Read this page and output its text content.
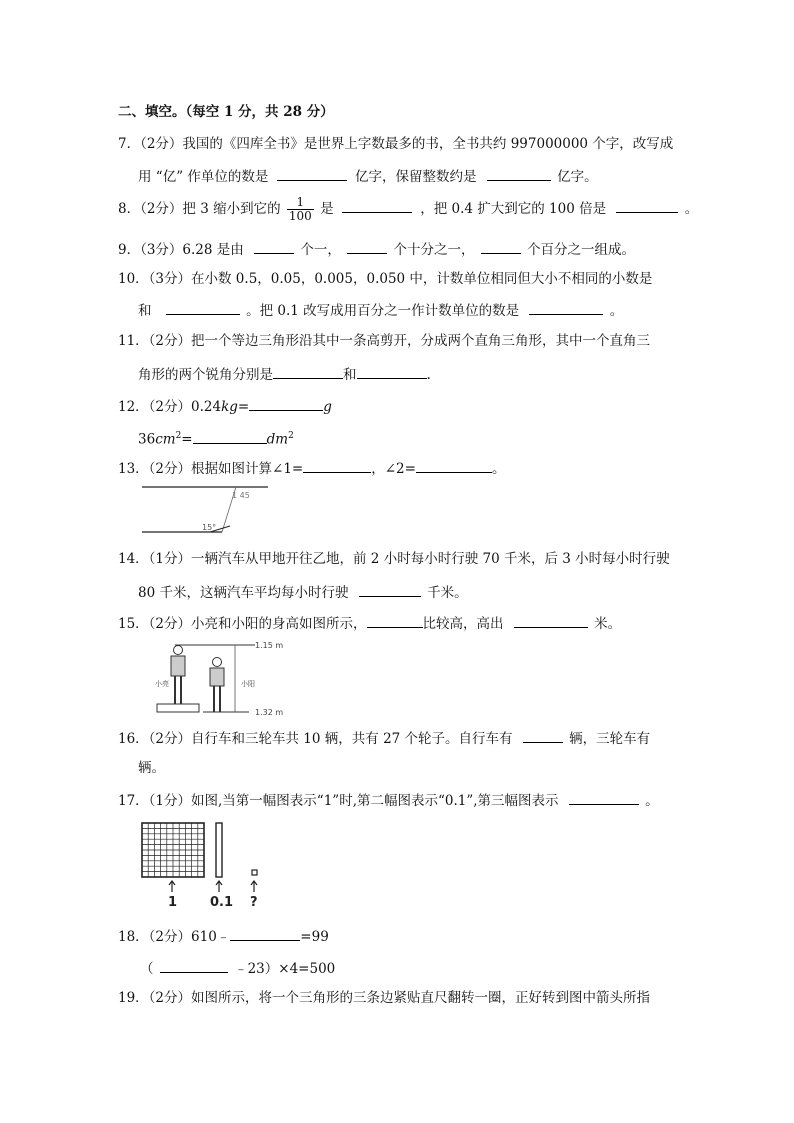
二、填空。（每空 1 分，共 28 分）
7．（2分）我国的《四库全书》是世界上字数最多的书，全书共约 997000000 个字，改写成
用 “亿” 作单位的数是	亿字，保留整数约是	亿字。
8．（2分）把 3 缩小到它的 $\frac{1}{100}$ 是	，把 0.4 扩大到它的 100 倍是	。
9．（3分）6.28 是由	个一，	个十分之一，	个百分之一组成。
10．（3分）在小数 0.5，0.05，0.005，0.050 中，计数单位相同但大小不相同的小数是
和	。把 0.1 改写成用百分之一作计数单位的数是	。
11．（2分）把一个等边三角形沿其中一条高剪开，分成两个直角三角形，其中一个直角三
角形的两个锐角分别是	和	.
12．（2分）0.24kg=	g
$36cm^2=$	$dm^2$
13．（2分）根据如图计算∠1=	，∠2=	。
1 45
15°
14．（1分）一辆汽车从甲地开往乙地，前 2 小时每小时行驶 70 千米，后 3 小时每小时行驶
80 千米，这辆汽车平均每小时行驶	千米。
15．（2分）小亮和小阳的身高如图所示，	比较高，高出	米。
1.15 m
1.32 m
小亮	小阳
16．（2分）自行车和三轮车共 10 辆，共有 27 个轮子。自行车有	辆，三轮车有
辆。
17．（1分）如图,当第一幅图表示“1”时,第二幅图表示“0.1”,第三幅图表示	。
1	0.1 ?
18．（2分）610﹣	=99
（	﹣23）×4=500
19．（2分）如图所示，将一个三角形的三条边紧贴直尺翻转一圈，正好转到图中箭头所指
